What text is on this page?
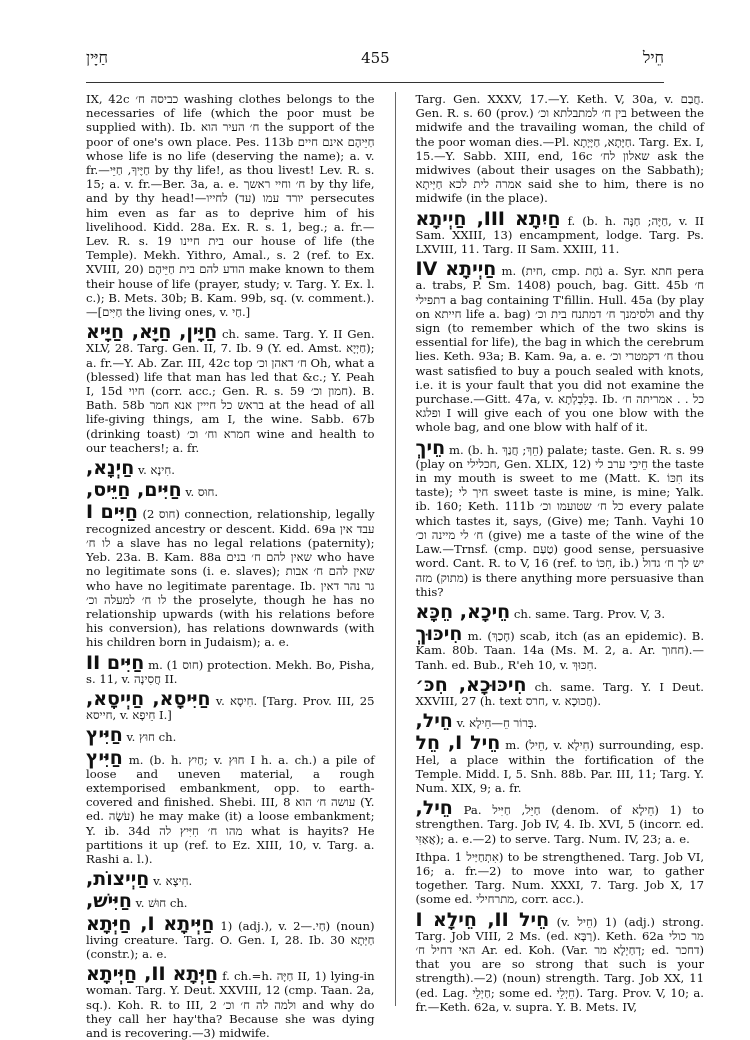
חַיָּין	455	חֵיל

IX, 42c כביסה ח׳ washing clothes belongs to the necessaries of life (which the poor must be supplied with). Ib. ח׳ העיר הוא the support of the poor of one's own place. Pes. 113b חַיֵּיהֶם אינם חיים whose life is no life (deserving the name); a. v. fr.—חַיֶּיךָ, חַיֵּי by thy life!, as thou livest! Lev. R. s. 15; a. v. fr.—Ber. 3a, a. e. ח׳ וחיי ראשך by thy life, and by thy head!—יורד עמו (עד) לחייו persecutes him even as far as to deprive him of his livelihood. Kidd. 28a. Ex. R. s. 1, beg.; a. fr.—Lev. R. s. 19 בית חיינו our house of life (the Temple). Mekh. Yithro, Amal., s. 2 (ref. to Ex. XVIII, 20) הודע להם בית חַיֵּיהֶם make known to them their house of life (prayer, study; v. Targ. Y. Ex. l. c.); B. Mets. 30b; B. Kam. 99b, sq. (v. comment.).—[חַיִּים the living ones, v. חַי.]

חַיָּין, חַיָּא, חַיָּיא ch. same. Targ. Y. II Gen. XLV, 28. Targ. Gen. II, 7. Ib. 9 (Y. ed. Amst. חַיְיָא); a. fr.—Y. Ab. Zar. III, 42c top ח׳ דאהן וכ׳ Oh, what a (blessed) life that man has led that &c.; Y. Peah I, 15d חיוי (corr. acc.; Gen. R. s. 59 חמון וכ׳). B. Bath. 58b בראש כל חייין אנא חמר at the head of all life-giving things, am I, the wine. Sabb. 67b (drinking toast) חמרא וח׳ וכ׳ wine and health to our teachers!; a. fr.

חַיְנָא, v. חִינָא.

חַיִּים, חַיֵּיס, v. חוּס.

חַיִּים I (חוס 2) connection, relationship, legally recognized ancestry or descent. Kidd. 69a עבד אין לו ח׳ a slave has no legal relations (paternity); Yeb. 23a. B. Kam. 88a שאין להם ח׳ בנים who have no legitimate sons (i. e. slaves); שאין להם ח׳ אבות who have no legitimate parentage. Ib. גר נהר דאין לו ח׳ למעלה וכ׳ the proselyte, though he has no relationship upwards (with his relations before his conversion), has relations downwards (with his children born in Judaism); a. e.

חַיִּים II m. (חוס 1) protection. Mekh. Bo, Pisha, s. 11, v. חֲסִינָה II.

חַיִּיסָא, חַיְיסָא, v. חִיסָא. [Targ. Prov. III, 25 חייסא, v. חֵיפָא I.]

חַיִּיץ v. חוּץ ch.

חַיִּיץ m. (b. h. חַיִץ; v. חוּץ I h. a. ch.) a pile of loose and uneven material, a rough extemporised embankment, opp. to earth-covered and finished. Shebi. III, 8 עושה ח׳ הוא (Y. ed. עֹשֶׂה) he may make (it) a loose embankment; Y. ib. 34d מהו ח׳ חִיִּיץ לה what is hayits? He partitions it up (ref. to Ez. XIII, 10, v. Targ. a. Rashi a. l.).

חַיְיצוֹת, v. חִיצָא.

חַיִּישׁ, v. חוּשׁ ch.

חַיְּיתָא I, חַיְּתָא 1) (adj.), v. חַי.—2) (noun) living creature. Targ. O. Gen. I, 28. Ib. 30 חַיְּתָא (constr.); a. e.

חַיְּתָא II, חַיְּיתָא f. ch.=h. חַיָּה II, 1) lying-in woman. Targ. Y. Deut. XXVIII, 12 (cmp. Taan. 2a, sq.). Koh. R. to III, 2 ולמה לה ח׳ וכ׳ and why do they call her hay'tha? Because she was dying and is recovering.—3) midwife.

Targ. Gen. XXXV, 17.—Y. Keth. V, 30a, v. חֲבַם. Gen. R. s. 60 (prov.) בין ח׳ למתבלתא וכ׳ between the midwife and the travailing woman, the child of the poor woman dies.—Pl. חַיָּתָא, חַיָּיָתָא. Targ. Ex. I, 15.—Y. Sabb. XIII, end, 16c שאלון לח׳ ask the midwives (about their usages on the Sabbath); אמרה לית לכא חַיְּיתָא said she to him, there is no midwife (in the place).

חַיִתָא III, חַיְיתָא f. (b. h. חַיָּה; חַנָּה, v. II Sam. XXIII, 13) encampment, lodge. Targ. Ps. LXVIII, 11. Targ. II Sam. XXIII, 11.

חַיְיתָא IV m. (חית, cmp. נֹחֶת a. Syr. חתא pera a. trabs, P. Sm. 1408) pouch, bag. Gitt. 45b ח׳ דתפילי a bag containing T'fillin. Hull. 45a (by play on חייתא life a. bag) ולסימנך ח׳ דמתנח בית וכ׳ and thy sign (to remember which of the two skins is essential for life), the bag in which the cerebrum lies. Keth. 93a; B. Kam. 9a, a. e. ח׳ דקמטרי וכ׳ thou wast satisfied to buy a pouch sealed with knots, i.e. it is your fault that you did not examine the purchase.—Gitt. 47a, v. בְּלִבְלְתָא. Ib. כל . . אמריתה ח׳ ופלגא I will give each of you one blow with the whole bag, and one blow with half of it.

חֵיךְ m. (b. h. חֵךְ; חֲנַךְ) palate; taste. Gen. R. s. 99 (play on חכלילי, Gen. XLIX, 12) חֵיכִי ערב לי the taste in my mouth is sweet to me (Matt. K. חִכּוֹ its taste); חיך לי sweet taste is mine, is mine; Yalk. ib. 160; Keth. 111b כל ח׳ שטועמו וכ׳ every palate which tastes it, says, (Give) me; Tanh. Vayhi 10 ח׳ לי מיינה וכ׳ (give) me a taste of the wine of the Law.—Trnsf. (cmp. טַעַם) good sense, persuasive word. Cant. R. to V, 16 (ref. to חִכּוֹ, ib.) יש לך ח׳ גדול (מתוק) מזה is there anything more persuasive than this?

חֵיכָא, חֵכָּא ch. same. Targ. Prov. V, 3.

חִיכּוּךְ m. (חָכַךְ) scab, itch (as an epidemic). B. Kam. 80b. Taan. 14a (Ms. M. 2, a. Ar. חחוך).—Tanh. ed. Bub., R'eh 10, v. חִכּוּךְ.

חִיכּוּכָא, חִכּ׳ ch. same. Targ. Y. I Deut. XXVIII, 27 (h. text חרס, v. חֲכוּכָא).

חֵיל, v. בְּרוֹר חֵ—חֵילָא.

חֵיל I, חֵל m. (חֵיל, v. חִילָא) surrounding, esp. Hel, a place within the fortification of the Temple. Midd. I, 5. Snh. 88b. Par. III, 11; Targ. Y. Num. XIX, 9; a. fr.

חֵיל, Pa. חַיֵּל, חַיִּיל (denom. of חֵילָא) 1) to strengthen. Targ. Job IV, 4. Ib. XVI, 5 (incorr. ed. אֲאַזִּי); a. e.—2) to serve. Targ. Num. IV, 23; a. e.

Ithpa. אִתְחַיַּיל 1) to be strengthened. Targ. Job VI, 16; a. fr.—2) to move into war, to gather together. Targ. Num. XXXI, 7. Targ. Job X, 17 (some ed. מתרחילי, corr. acc.).

חֵיל II, חֵילָא I (v. חֵיל) 1) (adj.) strong. Targ. Job VIII, 2 Ms. (ed. רַבָּא). Keth. 62a מר כולי האי דחיל ח׳ Ar. ed. Koh. (Var. דְחַיְלָא מר; ed. דחכר) that you are so strong that such is your strength).—2) (noun) strength. Targ. Job XX, 11 (ed. Lag. חַיְלֵי; some ed. חֵיְלֵי). Targ. Prov. V, 10; a. fr.—Keth. 62a, v. supra. Y. B. Mets. IV,
